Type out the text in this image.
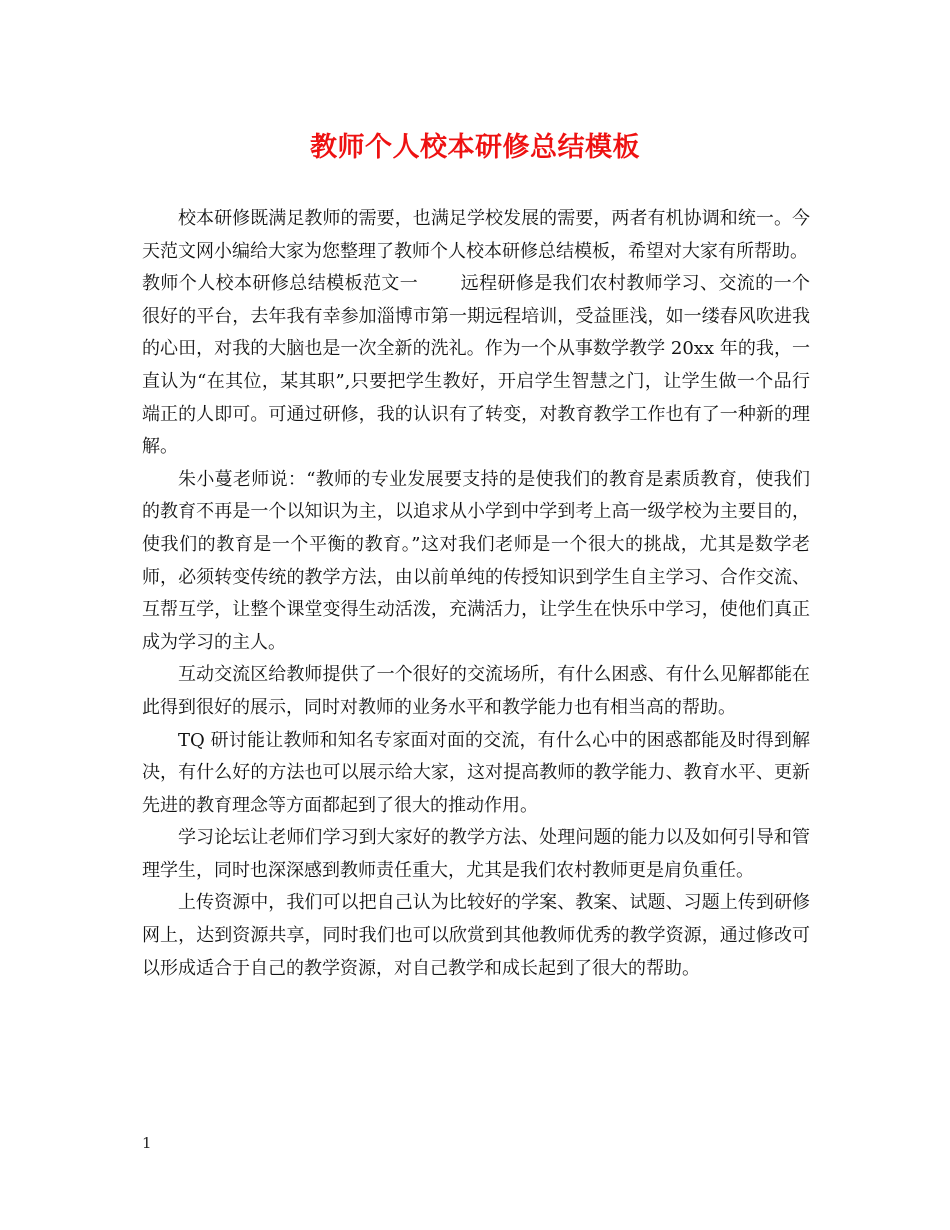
教师个人校本研修总结模板

校本研修既满足教师的需要，也满足学校发展的需要，两者有机协调和统一。今天范文网小编给大家为您整理了教师个人校本研修总结模板，希望对大家有所帮助。

教师个人校本研修总结模板范文一 远程研修是我们农村教师学习、交流的一个很好的平台，去年我有幸参加淄博市第一期远程培训，受益匪浅，如一缕春风吹进我的心田，对我的大脑也是一次全新的洗礼。作为一个从事数学教学 20xx 年的我，一直认为“在其位，某其职”,只要把学生教好，开启学生智慧之门，让学生做一个品行端正的人即可。可通过研修，我的认识有了转变，对教育教学工作也有了一种新的理解。

朱小蔓老师说：“教师的专业发展要支持的是使我们的教育是素质教育，使我们的教育不再是一个以知识为主，以追求从小学到中学到考上高一级学校为主要目的，使我们的教育是一个平衡的教育。”这对我们老师是一个很大的挑战，尤其是数学老师，必须转变传统的教学方法，由以前单纯的传授知识到学生自主学习、合作交流、互帮互学，让整个课堂变得生动活泼，充满活力，让学生在快乐中学习，使他们真正成为学习的主人。

互动交流区给教师提供了一个很好的交流场所，有什么困惑、有什么见解都能在此得到很好的展示，同时对教师的业务水平和教学能力也有相当高的帮助。

TQ 研讨能让教师和知名专家面对面的交流，有什么心中的困惑都能及时得到解决，有什么好的方法也可以展示给大家，这对提高教师的教学能力、教育水平、更新先进的教育理念等方面都起到了很大的推动作用。

学习论坛让老师们学习到大家好的教学方法、处理问题的能力以及如何引导和管理学生，同时也深深感到教师责任重大，尤其是我们农村教师更是肩负重任。

上传资源中，我们可以把自己认为比较好的学案、教案、试题、习题上传到研修网上，达到资源共享，同时我们也可以欣赏到其他教师优秀的教学资源，通过修改可以形成适合于自己的教学资源，对自己教学和成长起到了很大的帮助。

1
